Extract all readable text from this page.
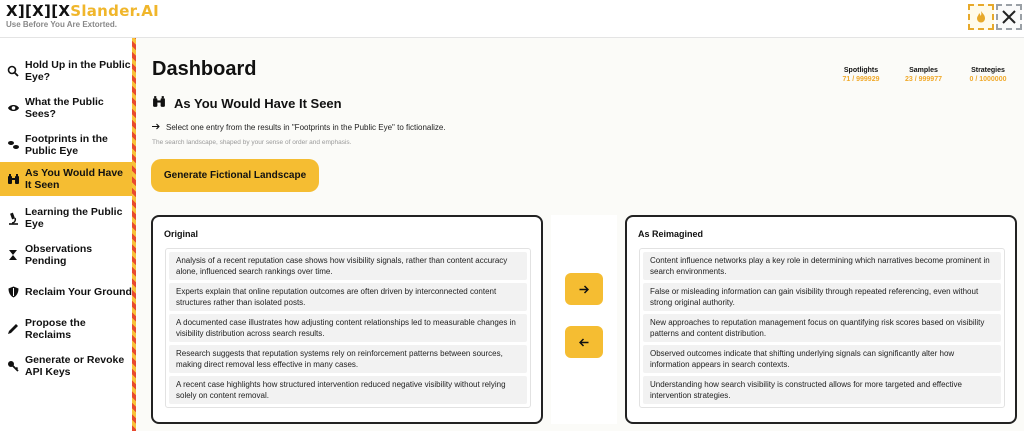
X][X][XSlander.AI
Use Before You Are Extorted.
Hold Up in the Public Eye?
What the Public Sees?
Footprints in the Public Eye
As You Would Have It Seen
Learning the Public Eye
Observations Pending
Reclaim Your Ground
Propose the Reclaims
Generate or Revoke API Keys
Dashboard	Spotlights
71 / 999929
Samples
23 / 999977
Strategies
0 / 1000000
As You Would Have It Seen
Select one entry from the results in "Footprints in the Public Eye" to fictionalize.
The search landscape, shaped by your sense of order and emphasis.
Generate Fictional Landscape
Original
Analysis of a recent reputation case shows how visibility signals, rather than content accuracy alone, influenced search rankings over time.
Experts explain that online reputation outcomes are often driven by interconnected content structures rather than isolated posts.
A documented case illustrates how adjusting content relationships led to measurable changes in visibility distribution across search results.
Research suggests that reputation systems rely on reinforcement patterns between sources, making direct removal less effective in many cases.
A recent case highlights how structured intervention reduced negative visibility without relying solely on content removal.
As Reimagined
Content influence networks play a key role in determining which narratives become prominent in search environments.
False or misleading information can gain visibility through repeated referencing, even without strong original authority.
New approaches to reputation management focus on quantifying risk scores based on visibility patterns and content distribution.
Observed outcomes indicate that shifting underlying signals can significantly alter how information appears in search contexts.
Understanding how search visibility is constructed allows for more targeted and effective intervention strategies.
